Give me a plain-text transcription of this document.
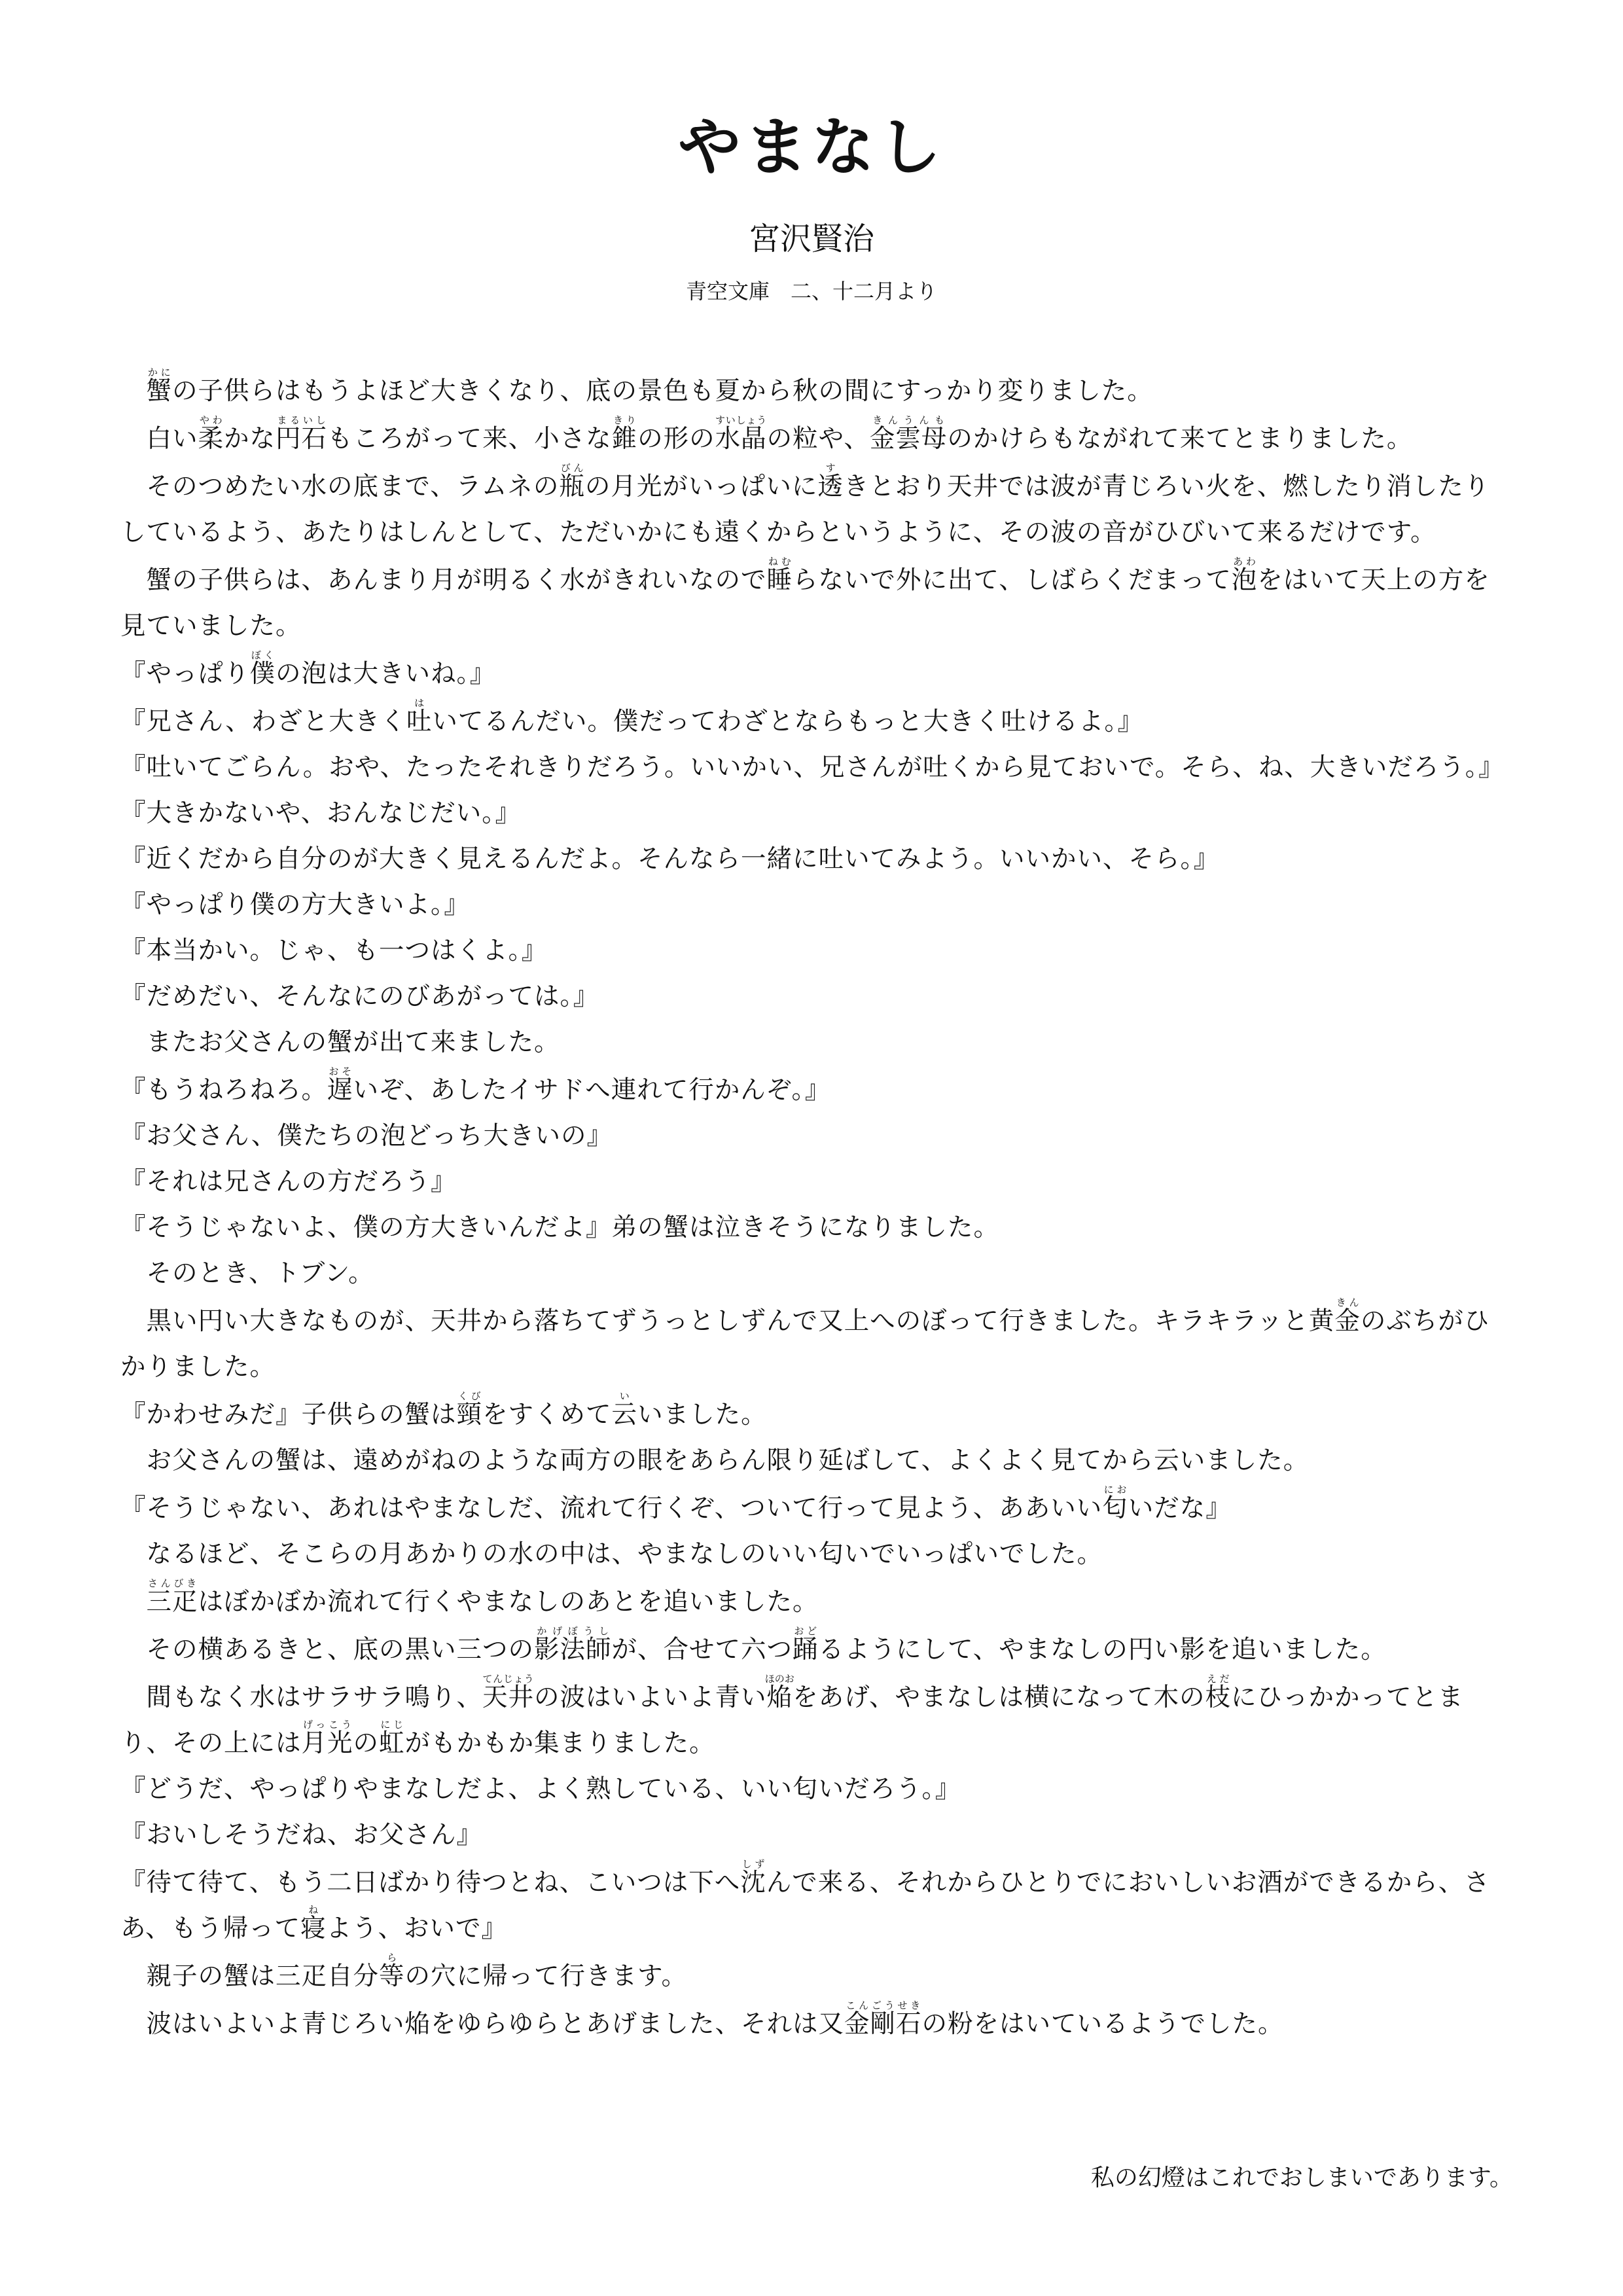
やまなし
宮沢賢治
青空文庫　二、十二月より

　蟹かにの子供らはもうよほど大きくなり、底の景色も夏から秋の間にすっかり変りました。

　白い柔やわかな円石まるいしもころがって来、小さな錐きりの形の水晶すいしょうの粒や、金雲母きんうんものかけらもながれて来てとまりました。

　そのつめたい水の底まで、ラムネの瓶びんの月光がいっぱいに透すきとおり天井では波が青じろい火を、燃したり消したりしているよう、あたりはしんとして、ただいかにも遠くからというように、その波の音がひびいて来るだけです。

　蟹の子供らは、あんまり月が明るく水がきれいなので睡ねむらないで外に出て、しばらくだまって泡あわをはいて天上の方を見ていました。

『やっぱり僕ぼくの泡は大きいね。』

『兄さん、わざと大きく吐はいてるんだい。僕だってわざとならもっと大きく吐けるよ。』

『吐いてごらん。おや、たったそれきりだろう。いいかい、兄さんが吐くから見ておいで。そら、ね、大きいだろう。』

『大きかないや、おんなじだい。』

『近くだから自分のが大きく見えるんだよ。そんなら一緒に吐いてみよう。いいかい、そら。』

『やっぱり僕の方大きいよ。』

『本当かい。じゃ、も一つはくよ。』

『だめだい、そんなにのびあがっては。』

　またお父さんの蟹が出て来ました。

『もうねろねろ。遅おそいぞ、あしたイサドへ連れて行かんぞ。』

『お父さん、僕たちの泡どっち大きいの』

『それは兄さんの方だろう』

『そうじゃないよ、僕の方大きいんだよ』弟の蟹は泣きそうになりました。

　そのとき、トブン。

　黒い円い大きなものが、天井から落ちてずうっとしずんで又上へのぼって行きました。キラキラッと黄金きんのぶちがひかりました。

『かわせみだ』子供らの蟹は頸くびをすくめて云いいました。

　お父さんの蟹は、遠めがねのような両方の眼をあらん限り延ばして、よくよく見てから云いました。

『そうじゃない、あれはやまなしだ、流れて行くぞ、ついて行って見よう、ああいい匂においだな』

　なるほど、そこらの月あかりの水の中は、やまなしのいい匂いでいっぱいでした。

　三疋さんびきはぼかぼか流れて行くやまなしのあとを追いました。

　その横あるきと、底の黒い三つの影法師かげぼうしが、合せて六つ踊おどるようにして、やまなしの円い影を追いました。

　間もなく水はサラサラ鳴り、天井てんじょうの波はいよいよ青い焔ほのおをあげ、やまなしは横になって木の枝えだにひっかかってとまり、その上には月光げっこうの虹にじがもかもか集まりました。

『どうだ、やっぱりやまなしだよ、よく熟している、いい匂いだろう。』

『おいしそうだね、お父さん』

『待て待て、もう二日ばかり待つとね、こいつは下へ沈しずんで来る、それからひとりでにおいしいお酒ができるから、さあ、もう帰って寝ねよう、おいで』

　親子の蟹は三疋自分等らの穴に帰って行きます。

　波はいよいよ青じろい焔をゆらゆらとあげました、それは又金剛石こんごうせきの粉をはいているようでした。

私の幻燈はこれでおしまいであります。
